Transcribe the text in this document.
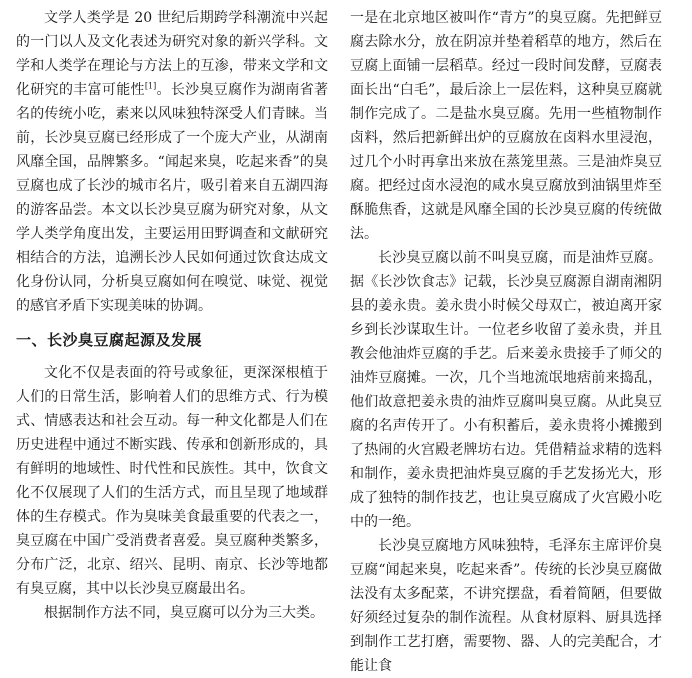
文学人类学是 20 世纪后期跨学科潮流中兴起的一门以人及文化表述为研究对象的新兴学科。文学和人类学在理论与方法上的互渗，带来文学和文化研究的丰富可能性[1]。长沙臭豆腐作为湖南省著名的传统小吃，素来以风味独特深受人们青睐。当前，长沙臭豆腐已经形成了一个庞大产业，从湖南风靡全国，品牌繁多。“闻起来臭，吃起来香”的臭豆腐也成了长沙的城市名片，吸引着来自五湖四海的游客品尝。本文以长沙臭豆腐为研究对象，从文学人类学角度出发，主要运用田野调查和文献研究相结合的方法，追溯长沙人民如何通过饮食达成文化身份认同，分析臭豆腐如何在嗅觉、味觉、视觉的感官矛盾下实现美味的协调。

一、长沙臭豆腐起源及发展

文化不仅是表面的符号或象征，更深深根植于人们的日常生活，影响着人们的思维方式、行为模式、情感表达和社会互动。每一种文化都是人们在历史进程中通过不断实践、传承和创新形成的，具有鲜明的地域性、时代性和民族性。其中，饮食文化不仅展现了人们的生活方式，而且呈现了地域群体的生存模式。作为臭味美食最重要的代表之一，臭豆腐在中国广受消费者喜爱。臭豆腐种类繁多，分布广泛，北京、绍兴、昆明、南京、长沙等地都有臭豆腐，其中以长沙臭豆腐最出名。

根据制作方法不同，臭豆腐可以分为三大类。

一是在北京地区被叫作“青方”的臭豆腐。先把鲜豆腐去除水分，放在阴凉并垫着稻草的地方，然后在豆腐上面铺一层稻草。经过一段时间发酵，豆腐表面长出“白毛”，最后涂上一层佐料，这种臭豆腐就制作完成了。二是盐水臭豆腐。先用一些植物制作卤料，然后把新鲜出炉的豆腐放在卤料水里浸泡，过几个小时再拿出来放在蒸笼里蒸。三是油炸臭豆腐。把经过卤水浸泡的咸水臭豆腐放到油锅里炸至酥脆焦香，这就是风靡全国的长沙臭豆腐的传统做法。

长沙臭豆腐以前不叫臭豆腐，而是油炸豆腐。据《长沙饮食志》记载，长沙臭豆腐源自湖南湘阴县的姜永贵。姜永贵小时候父母双亡，被迫离开家乡到长沙谋取生计。一位老乡收留了姜永贵，并且教会他油炸豆腐的手艺。后来姜永贵接手了师父的油炸豆腐摊。一次，几个当地流氓地痞前来捣乱，他们故意把姜永贵的油炸豆腐叫臭豆腐。从此臭豆腐的名声传开了。小有积蓄后，姜永贵将小摊搬到了热闹的火宫殿老牌坊右边。凭借精益求精的选料和制作，姜永贵把油炸臭豆腐的手艺发扬光大，形成了独特的制作技艺，也让臭豆腐成了火宫殿小吃中的一绝。

长沙臭豆腐地方风味独特，毛泽东主席评价臭豆腐“闻起来臭，吃起来香”。传统的长沙臭豆腐做法没有太多配菜，不讲究摆盘，看着简陋，但要做好须经过复杂的制作流程。从食材原料、厨具选择到制作工艺打磨，需要物、器、人的完美配合，才能让食
